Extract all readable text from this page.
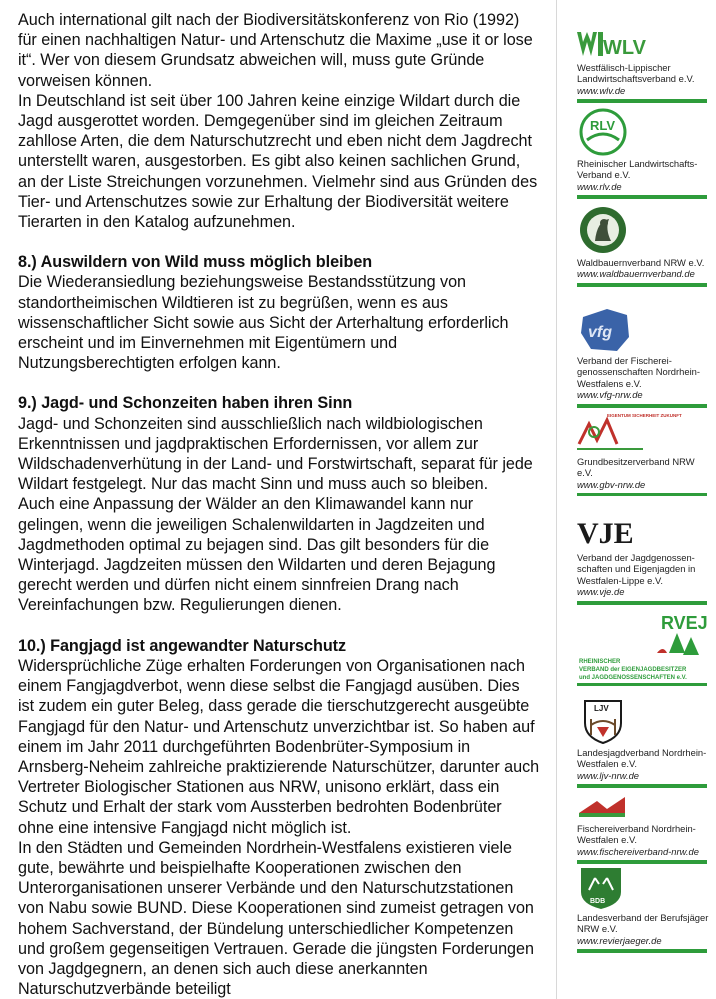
Auch international gilt nach der Biodiversitätskonferenz von Rio (1992) für einen nachhaltigen Natur- und Artenschutz die Maxime „use it or lose it“. Wer von diesem Grundsatz abweichen will, muss gute Gründe vorweisen können.

In Deutschland ist seit über 100 Jahren keine einzige Wildart durch die Jagd ausgerottet worden. Demgegenüber sind im gleichen Zeitraum zahllose Arten, die dem Naturschutzrecht und eben nicht dem Jagdrecht unterstellt waren, ausgestorben. Es gibt also keinen sachlichen Grund, an der Liste Streichungen vorzunehmen. Vielmehr sind aus Gründen des Tier- und Artenschutzes sowie zur Erhaltung der Biodiversität weitere Tierarten in den Katalog aufzunehmen.

8.) Auswildern von Wild muss möglich bleiben

Die Wiederansiedlung beziehungsweise Bestandsstützung von standortheimischen Wildtieren ist zu begrüßen, wenn es aus wissenschaftlicher Sicht sowie aus Sicht der Arterhaltung erforderlich erscheint und im Einvernehmen mit Eigentümern und Nutzungsberechtigten erfolgen kann.

9.) Jagd- und Schonzeiten haben ihren Sinn

Jagd- und Schonzeiten sind ausschließlich nach wildbiologischen Erkenntnissen und jagdpraktischen Erfordernissen, vor allem zur Wildschadenverhütung in der Land- und Forstwirtschaft, separat für jede Wildart festgelegt. Nur das macht Sinn und muss auch so bleiben.

Auch eine Anpassung der Wälder an den Klimawandel kann nur gelingen, wenn die jeweiligen Schalenwildarten in Jagdzeiten und Jagdmethoden optimal zu bejagen sind. Das gilt besonders für die Winterjagd. Jagdzeiten müssen den Wildarten und deren Bejagung gerecht werden und dürfen nicht einem sinnfreien Drang nach Vereinfachungen bzw. Regulierungen dienen.

10.) Fangjagd ist angewandter Naturschutz

Widersprüchliche Züge erhalten Forderungen von Organisationen nach einem Fangjagdverbot, wenn diese selbst die Fangjagd ausüben. Dies ist zudem ein guter Beleg, dass gerade die tierschutzgerecht ausgeübte Fangjagd für den Natur- und Artenschutz unverzichtbar ist. So haben auf einem im Jahr 2011 durchgeführten Bodenbrüter-Symposium in Arnsberg-Neheim zahlreiche praktizierende Naturschützer, darunter auch Vertreter Biologischer Stationen aus NRW, unisono erklärt, dass ein Schutz und Erhalt der stark vom Aussterben bedrohten Bodenbrüter ohne eine intensive Fangjagd nicht möglich ist.

In den Städten und Gemeinden Nordrhein-Westfalens existieren viele gute, bewährte und beispielhafte Kooperationen zwischen den Unterorganisationen unserer Verbände und den Naturschutzstationen von Nabu sowie BUND. Diese Kooperationen sind zumeist getragen von hohem Sachverstand, der Bündelung unterschiedlicher Kompetenzen und großem gegenseitigen Vertrauen. Gerade die jüngsten Forderungen von Jagdgegnern, an denen sich auch diese anerkannten Naturschutzverbände beteiligt

WLV
Westfälisch-Lippischer Landwirtschaftsverband e.V.
www.wlv.de
RLV
Rheinischer Landwirtschafts-Verband e.V.
www.rlv.de
Waldbauernverband NRW e.V.
www.waldbauernverband.de
vfg
Verband der Fischerei-genossenschaften Nordrhein-Westfalens e.V.
www.vfg-nrw.de
EIGENTUM SICHERHEIT ZUKUNFT
Grundbesitzerverband NRW e.V.
www.gbv-nrw.de
VJE
Verband der Jagdgenossen-schaften und Eigenjagden in Westfalen-Lippe e.V.
www.vje.de
RVEJ
RHEINISCHER
VERBAND der EIGENJAGDBESITZER
und JAGDGENOSSENSCHAFTEN e.V.
LJV
Landesjagdverband Nordrhein-Westfalen e.V.
www.ljv-nrw.de
Fischereiverband Nordrhein-Westfalen e.V.
www.fischereiverband-nrw.de
BDB
Landesverband der Berufsjäger NRW e.V.
www.revierjaeger.de
